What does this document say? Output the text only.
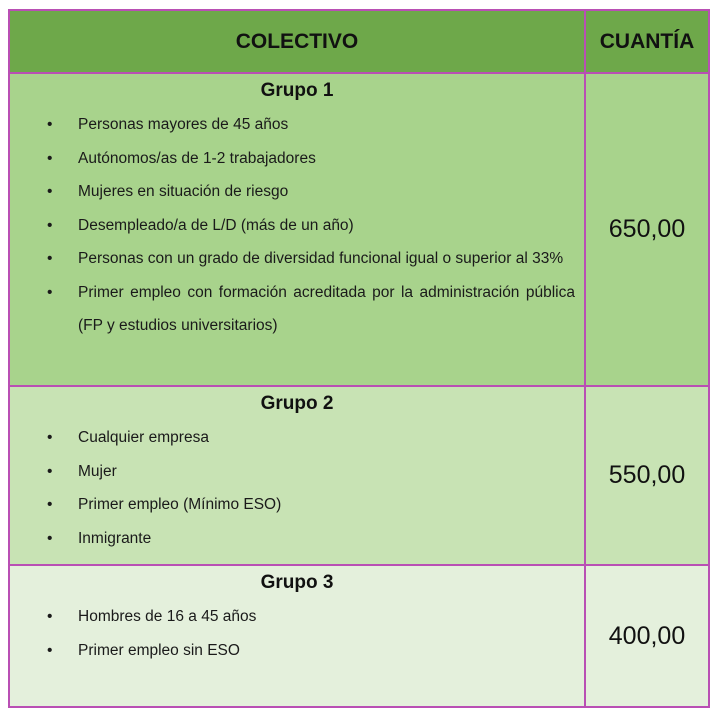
COLECTIVO	CUANTÍA
Grupo 1
• Personas mayores de 45 años
• Autónomos/as de 1-2 trabajadores
• Mujeres en situación de riesgo
• Desempleado/a de L/D (más de un año)
• Personas con un grado de diversidad funcional igual o superior al 33%
• Primer empleo con formación acreditada por la administración pública (FP y estudios universitarios)
650,00
Grupo 2
• Cualquier empresa
• Mujer
• Primer empleo (Mínimo ESO)
• Inmigrante
550,00
Grupo 3
• Hombres de 16 a 45 años
• Primer empleo sin ESO
400,00
